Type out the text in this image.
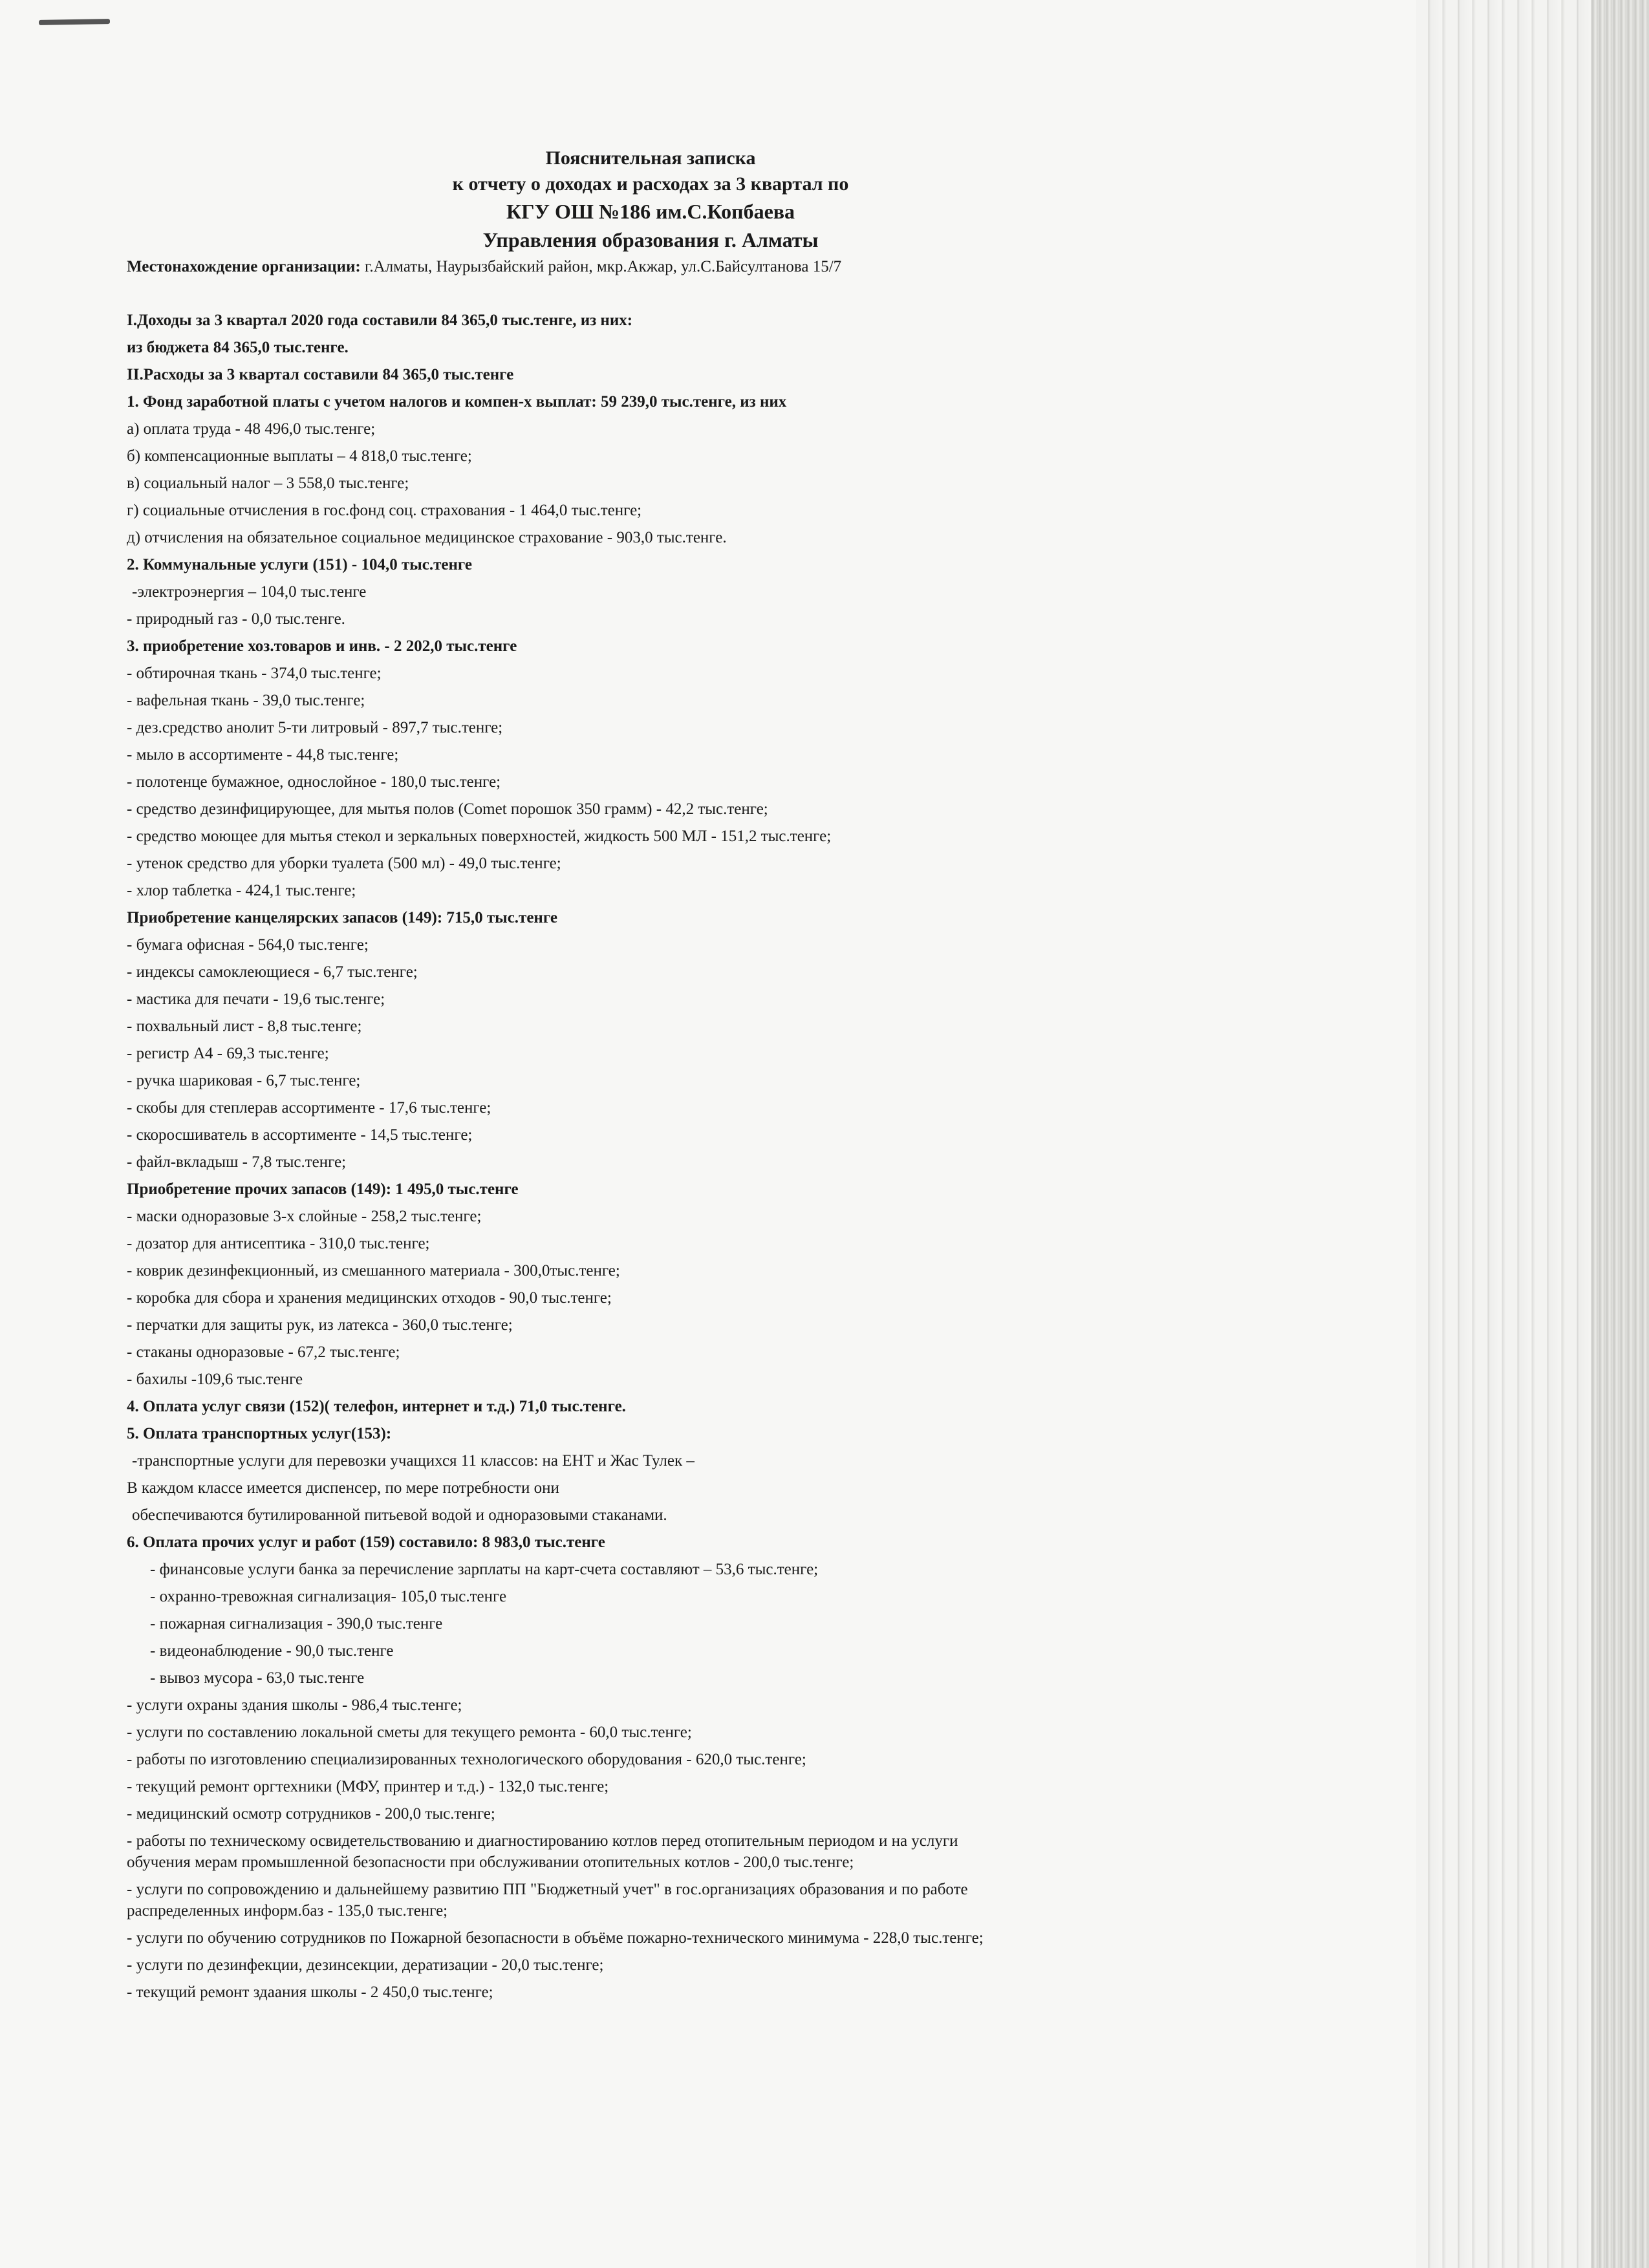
Пояснительная записка
к отчету о доходах и расходах за 3 квартал по
КГУ ОШ №186 им.С.Копбаева
Управления образования г. Алматы
Местонахождение организации: г.Алматы, Наурызбайский район, мкр.Акжар, ул.С.Байсултанова 15/7
I.Доходы за 3 квартал 2020 года составили 84 365,0 тыс.тенге, из них:
из бюджета 84 365,0 тыс.тенге.
II.Расходы за 3 квартал составили 84 365,0 тыс.тенге
1. Фонд заработной платы с учетом налогов и компен-х выплат: 59 239,0 тыс.тенге, из них
а) оплата труда - 48 496,0 тыс.тенге;
б) компенсационные выплаты – 4 818,0 тыс.тенге;
в) социальный налог – 3 558,0 тыс.тенге;
г) социальные отчисления в гос.фонд соц. страхования - 1 464,0 тыс.тенге;
д) отчисления на обязательное социальное медицинское страхование - 903,0 тыс.тенге.
2. Коммунальные услуги (151) - 104,0 тыс.тенге
-электроэнергия – 104,0 тыс.тенге
- природный газ - 0,0 тыс.тенге.
3. приобретение хоз.товаров и инв. - 2 202,0 тыс.тенге
- обтирочная ткань - 374,0 тыс.тенге;
- вафельная ткань - 39,0 тыс.тенге;
- дез.средство анолит 5-ти литровый - 897,7 тыс.тенге;
- мыло в ассортименте - 44,8 тыс.тенге;
- полотенце бумажное, однослойное - 180,0 тыс.тенге;
- средство дезинфицирующее, для мытья полов (Comet порошок 350 грамм) - 42,2 тыс.тенге;
- средство моющее для мытья стекол и зеркальных поверхностей, жидкость 500 МЛ - 151,2 тыс.тенге;
- утенок средство для уборки туалета (500 мл) - 49,0 тыс.тенге;
- хлор таблетка - 424,1 тыс.тенге;
Приобретение канцелярских запасов (149): 715,0 тыс.тенге
- бумага офисная - 564,0 тыс.тенге;
- индексы самоклеющиеся - 6,7 тыс.тенге;
- мастика для печати - 19,6 тыс.тенге;
- похвальный лист - 8,8 тыс.тенге;
- регистр А4 - 69,3 тыс.тенге;
- ручка шариковая - 6,7 тыс.тенге;
- скобы для степлерав ассортименте - 17,6 тыс.тенге;
- скоросшиватель в ассортименте - 14,5 тыс.тенге;
- файл-вкладыш - 7,8 тыс.тенге;
Приобретение прочих запасов (149): 1 495,0 тыс.тенге
- маски одноразовые 3-х слойные - 258,2 тыс.тенге;
- дозатор для антисептика - 310,0 тыс.тенге;
- коврик дезинфекционный, из смешанного материала - 300,0тыс.тенге;
- коробка для сбора и хранения медицинских отходов - 90,0 тыс.тенге;
- перчатки для защиты рук, из латекса - 360,0 тыс.тенге;
- стаканы одноразовые - 67,2 тыс.тенге;
- бахилы -109,6 тыс.тенге
4. Оплата услуг связи (152)( телефон, интернет и т.д.) 71,0 тыс.тенге.
5. Оплата транспортных услуг(153):
-транспортные услуги для перевозки учащихся 11 классов: на ЕНТ и Жас Тулек –
В каждом классе имеется диспенсер, по мере потребности они
обеспечиваются бутилированной питьевой водой и одноразовыми стаканами.
6. Оплата прочих услуг и работ (159) составило: 8 983,0 тыс.тенге
- финансовые услуги банка за перечисление зарплаты на карт-счета составляют – 53,6 тыс.тенге;
- охранно-тревожная сигнализация- 105,0 тыс.тенге
- пожарная сигнализация - 390,0 тыс.тенге
- видеонаблюдение - 90,0 тыс.тенге
- вывоз мусора - 63,0 тыс.тенге
- услуги охраны здания школы - 986,4 тыс.тенге;
- услуги по составлению локальной сметы для текущего ремонта - 60,0 тыс.тенге;
- работы по изготовлению специализированных технологического оборудования - 620,0 тыс.тенге;
- текущий ремонт оргтехники (МФУ, принтер и т.д.) - 132,0 тыс.тенге;
- медицинский осмотр сотрудников - 200,0 тыс.тенге;
- работы по техническому освидетельствованию и диагностированию котлов перед отопительным периодом и на услуги обучения мерам промышленной безопасности при обслуживании отопительных котлов - 200,0 тыс.тенге;
- услуги по сопровождению и дальнейшему развитию ПП "Бюджетный учет" в гос.организациях образования и по работе распределенных информ.баз - 135,0 тыс.тенге;
- услуги по обучению сотрудников по Пожарной безопасности в объёме пожарно-технического минимума - 228,0 тыс.тенге;
- услуги по дезинфекции, дезинсекции, дератизации - 20,0 тыс.тенге;
- текущий ремонт здаания школы - 2 450,0 тыс.тенге;
